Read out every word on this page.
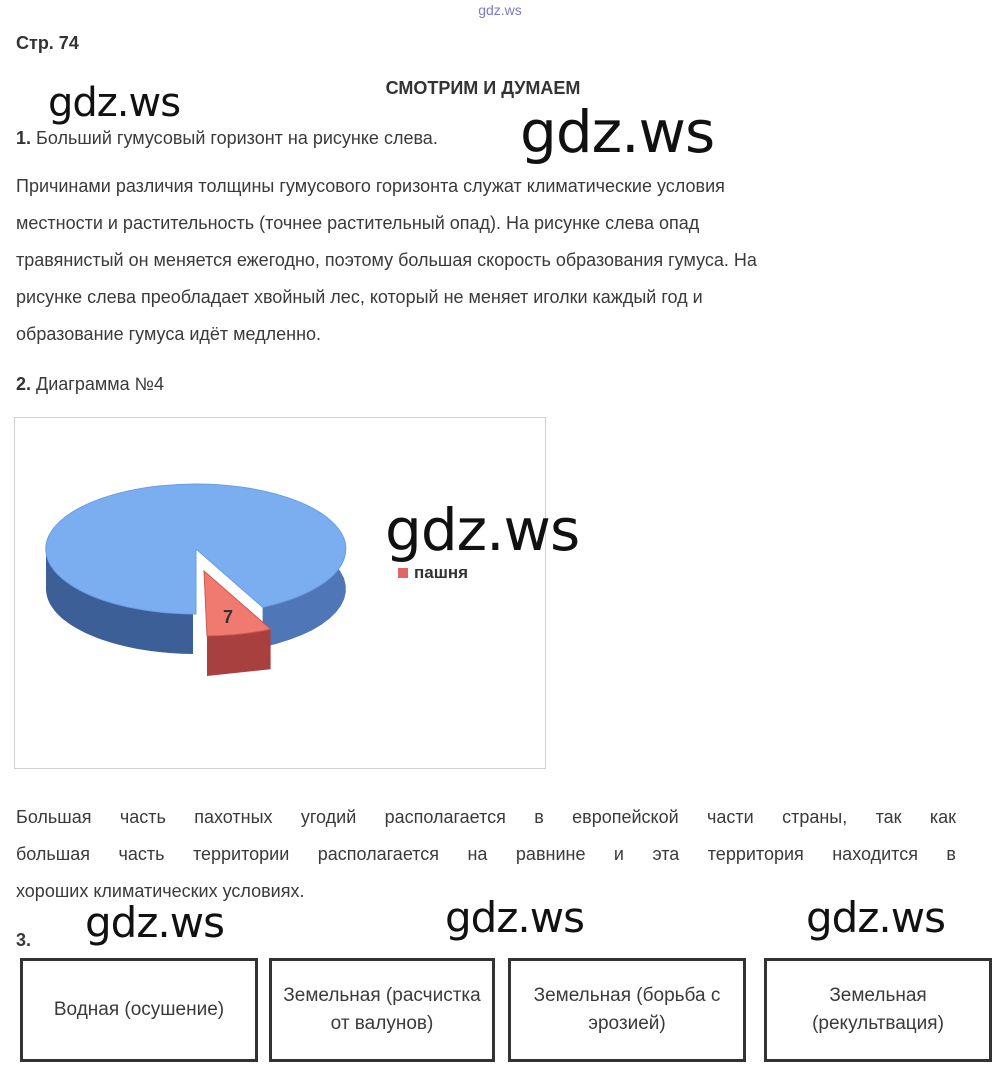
gdz.ws
Стр. 74
СМОТРИМ И ДУМАЕМ
1. Больший гумусовый горизонт на рисунке слева.
Причинами различия толщины гумусового горизонта служат климатические условия
местности и растительность (точнее растительный опад). На рисунке слева опад
травянистый он меняется ежегодно, поэтому большая скорость образования гумуса. На
рисунке слева преобладает хвойный лес, который не меняет иголки каждый год и
образование гумуса идёт медленно.
2. Диаграмма №4
7
пашня
Большая часть пахотных угодий располагается в европейской части страны, так как
большая часть территории располагается на равнине и эта территория находится в
хороших климатических условиях.
3.
Водная (осушение)
Земельная (расчистка от валунов)
Земельная (борьба с эрозией)
Земельная (рекультвация)
gdz.ws	gdz.ws
gdz.ws
gdz.ws	gdz.ws	gdz.ws
